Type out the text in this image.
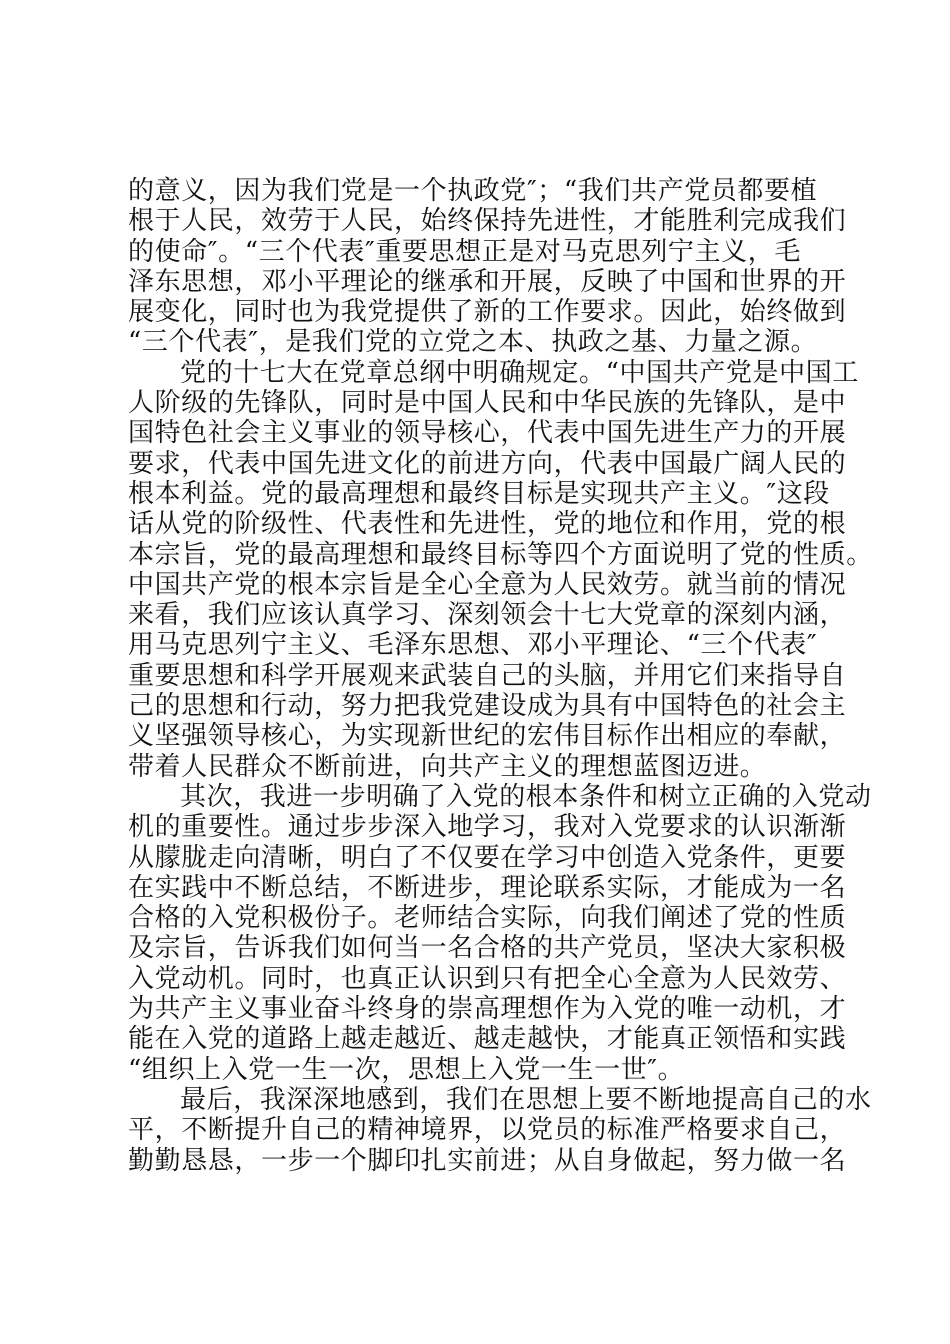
的意义，因为我们党是一个执政党″；“我们共产党员都要植
根于人民，效劳于人民，始终保持先进性，才能胜利完成我们
的使命″。“三个代表″重要思想正是对马克思列宁主义，毛
泽东思想，邓小平理论的继承和开展，反映了中国和世界的开
展变化，同时也为我党提供了新的工作要求。因此，始终做到
“三个代表″，是我们党的立党之本、执政之基、力量之源。
党的十七大在党章总纲中明确规定。“中国共产党是中国工
人阶级的先锋队，同时是中国人民和中华民族的先锋队，是中
国特色社会主义事业的领导核心，代表中国先进生产力的开展
要求，代表中国先进文化的前进方向，代表中国最广阔人民的
根本利益。党的最高理想和最终目标是实现共产主义。″这段
话从党的阶级性、代表性和先进性，党的地位和作用，党的根
本宗旨，党的最高理想和最终目标等四个方面说明了党的性质。
中国共产党的根本宗旨是全心全意为人民效劳。就当前的情况
来看，我们应该认真学习、深刻领会十七大党章的深刻内涵，
用马克思列宁主义、毛泽东思想、邓小平理论、“三个代表″
重要思想和科学开展观来武装自己的头脑，并用它们来指导自
己的思想和行动，努力把我党建设成为具有中国特色的社会主
义坚强领导核心，为实现新世纪的宏伟目标作出相应的奉献，
带着人民群众不断前进，向共产主义的理想蓝图迈进。
其次，我进一步明确了入党的根本条件和树立正确的入党动
机的重要性。通过步步深入地学习，我对入党要求的认识渐渐
从朦胧走向清晰，明白了不仅要在学习中创造入党条件，更要
在实践中不断总结，不断进步，理论联系实际，才能成为一名
合格的入党积极份子。老师结合实际，向我们阐述了党的性质
及宗旨，告诉我们如何当一名合格的共产党员，坚决大家积极
入党动机。同时，也真正认识到只有把全心全意为人民效劳、
为共产主义事业奋斗终身的崇高理想作为入党的唯一动机，才
能在入党的道路上越走越近、越走越快，才能真正领悟和实践
“组织上入党一生一次，思想上入党一生一世″。
最后，我深深地感到，我们在思想上要不断地提高自己的水
平，不断提升自己的精神境界，以党员的标准严格要求自己，
勤勤恳恳，一步一个脚印扎实前进；从自身做起，努力做一名
